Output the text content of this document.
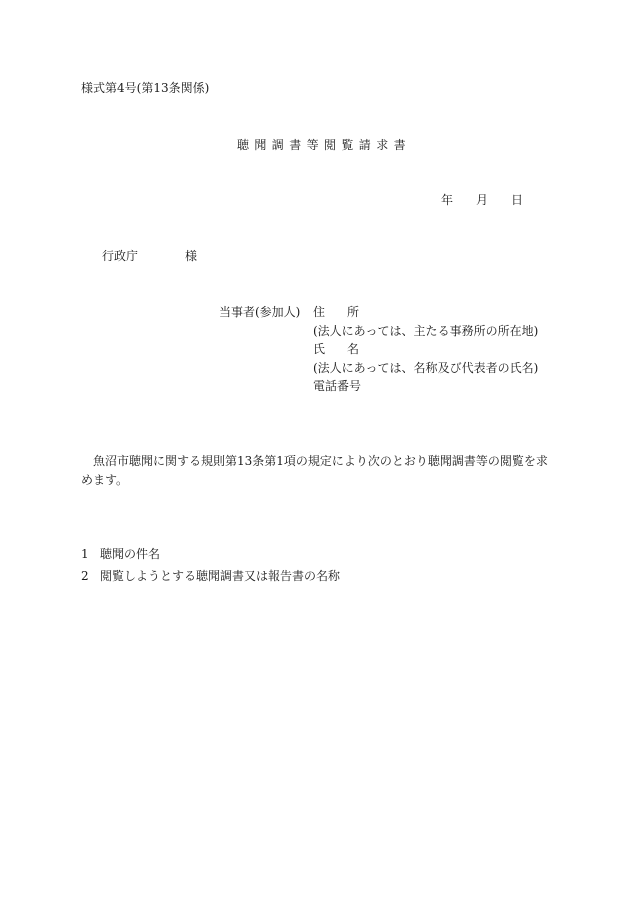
様式第4号(第13条関係)
聴聞調書等閲覧請求書
年 月 日
行政庁	様
当事者(参加人) 住 所
(法人にあっては、主たる事務所の所在地)
氏 名
(法人にあっては、名称及び代表者の氏名)
電話番号
魚沼市聴聞に関する規則第13条第1項の規定により次のとおり聴聞調書等の閲覧を求めます。
1 聴聞の件名
2 閲覧しようとする聴聞調書又は報告書の名称
